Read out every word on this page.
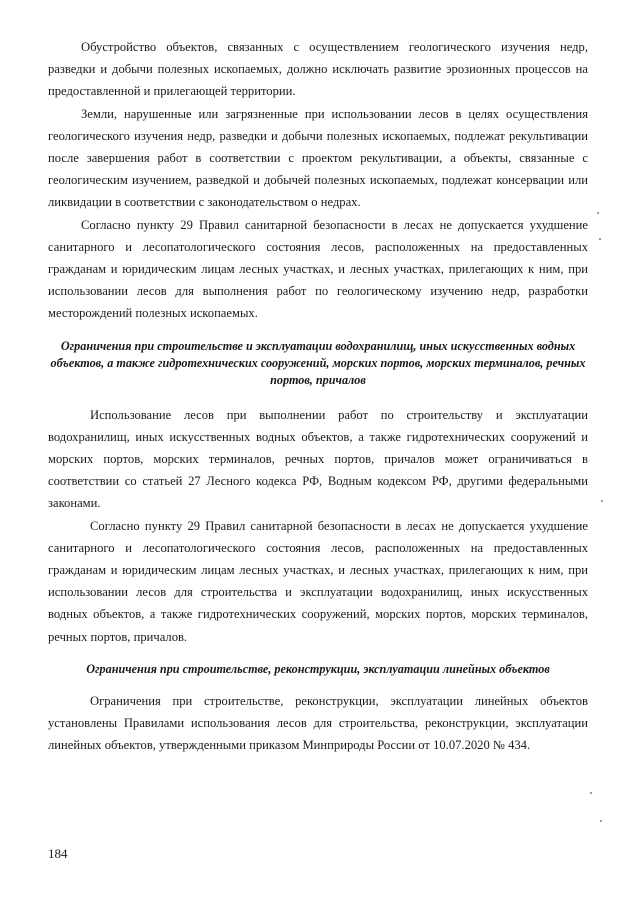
Обустройство объектов, связанных с осуществлением геологического изучения недр, разведки и добычи полезных ископаемых, должно исключать развитие эрозионных процессов на предоставленной и прилегающей территории.

Земли, нарушенные или загрязненные при использовании лесов в целях осуществления геологического изучения недр, разведки и добычи полезных ископаемых, подлежат рекультивации после завершения работ в соответствии с проектом рекультивации, а объекты, связанные с геологическим изучением, разведкой и добычей полезных ископаемых, подлежат консервации или ликвидации в соответствии с законодательством о недрах.

Согласно пункту 29 Правил санитарной безопасности в лесах не допускается ухудшение санитарного и лесопатологического состояния лесов, расположенных на предоставленных гражданам и юридическим лицам лесных участках, и лесных участках, прилегающих к ним, при использовании лесов для выполнения работ по геологическому изучению недр, разработки месторождений полезных ископаемых.

Ограничения при строительстве и эксплуатации водохранилищ, иных искусственных водных объектов, а также гидротехнических сооружений, морских портов, морских терминалов, речных портов, причалов

Использование лесов при выполнении работ по строительству и эксплуатации водохранилищ, иных искусственных водных объектов, а также гидротехнических сооружений и морских портов, морских терминалов, речных портов, причалов может ограничиваться в соответствии со статьей 27 Лесного кодекса РФ, Водным кодексом РФ, другими федеральными законами.

Согласно пункту 29 Правил санитарной безопасности в лесах не допускается ухудшение санитарного и лесопатологического состояния лесов, расположенных на предоставленных гражданам и юридическим лицам лесных участках, и лесных участках, прилегающих к ним, при использовании лесов для строительства и эксплуатации водохранилищ, иных искусственных водных объектов, а также гидротехнических сооружений, морских портов, морских терминалов, речных портов, причалов.

Ограничения при строительстве, реконструкции, эксплуатации линейных объектов

Ограничения при строительстве, реконструкции, эксплуатации линейных объектов установлены Правилами использования лесов для строительства, реконструкции, эксплуатации линейных объектов, утвержденными приказом Минприроды России от 10.07.2020 № 434.

184
